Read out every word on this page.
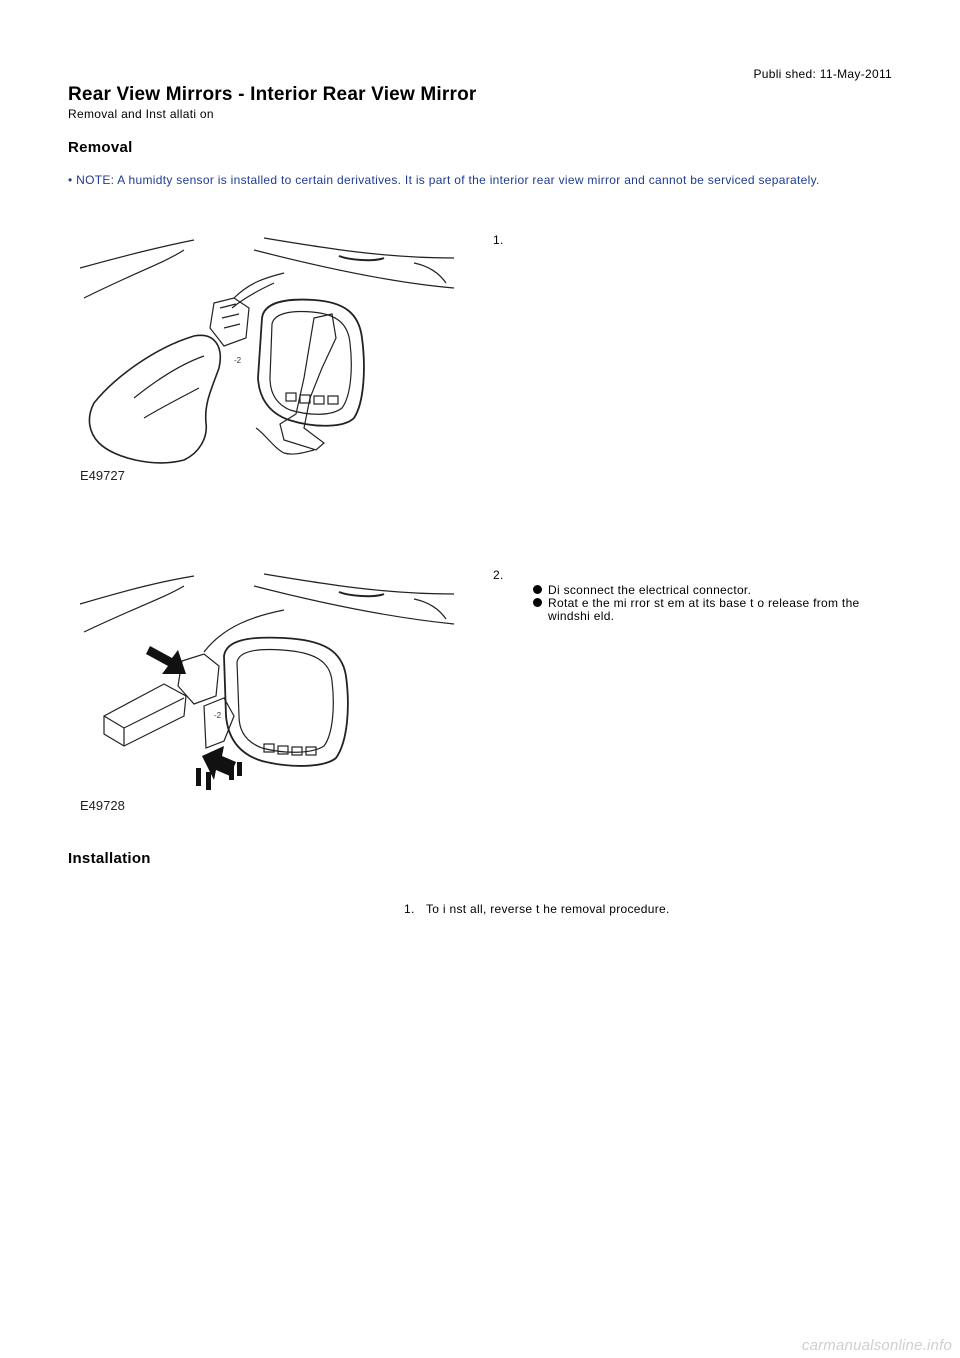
Publi shed: 11-May-2011
Rear View Mirrors - Interior Rear View Mirror
Removal and Inst allati on
Removal
• NOTE: A humidty sensor is installed to certain derivatives. It is part of the interior rear view mirror and cannot be serviced separately.
-2
E49727
1.
-2
E49728
2.
Di sconnect the electrical connector.
Rotat e the mi rror st em at its base t o release from the windshi eld.
Installation
1. To i nst all, reverse t he removal procedure.
carmanualsonline.info
